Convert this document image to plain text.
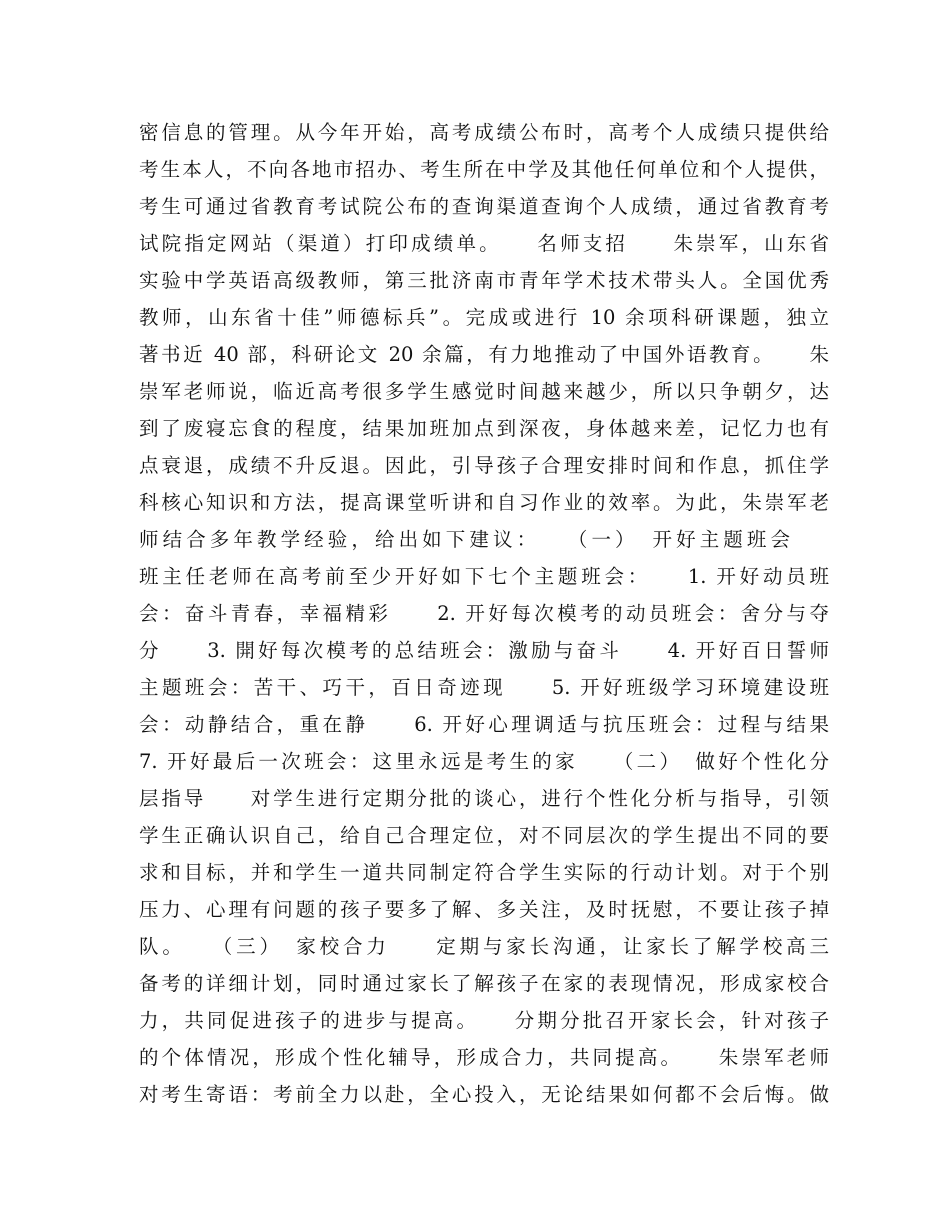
密信息的管理。从今年开始，高考成绩公布时，高考个人成绩只提供给
考生本人，不向各地市招办、考生所在中学及其他任何单位和个人提供，
考生可通过省教育考试院公布的查询渠道查询个人成绩，通过省教育考
试院指定网站（渠道）打印成绩单。　　名师支招　　朱崇军，山东省
实验中学英语高级教师，第三批济南市青年学术技术带头人。全国优秀
教师，山东省十佳”师德标兵”。完成或进行 10 余项科研课题，独立
著书近 40 部，科研论文 20 余篇，有力地推动了中国外语教育。　　朱
崇军老师说，临近高考很多学生感觉时间越来越少，所以只争朝夕，达
到了废寝忘食的程度，结果加班加点到深夜，身体越来差，记忆力也有
点衰退，成绩不升反退。因此，引导孩子合理安排时间和作息，抓住学
科核心知识和方法，提高课堂听讲和自习作业的效率。为此，朱崇军老
师结合多年教学经验，给出如下建议：　　（一）　开好主题班会　　
班主任老师在高考前至少开好如下七个主题班会：　　1. 开好动员班
会：奋斗青春，幸福精彩　　2. 开好每次模考的动员班会：舍分与夺
分　　3. 開好每次模考的总结班会：激励与奋斗　　4. 开好百日誓师
主题班会：苦干、巧干，百日奇迹现　　5. 开好班级学习环境建设班
会：动静结合，重在静　　6. 开好心理调适与抗压班会：过程与结果
7. 开好最后一次班会：这里永远是考生的家　　（二）　做好个性化分
层指导　　对学生进行定期分批的谈心，进行个性化分析与指导，引领
学生正确认识自己，给自己合理定位，对不同层次的学生提出不同的要
求和目标，并和学生一道共同制定符合学生实际的行动计划。对于个别
压力、心理有问题的孩子要多了解、多关注，及时抚慰，不要让孩子掉
队。　　（三）　家校合力　　定期与家长沟通，让家长了解学校高三
备考的详细计划，同时通过家长了解孩子在家的表现情况，形成家校合
力，共同促进孩子的进步与提高。　　分期分批召开家长会，针对孩子
的个体情况，形成个性化辅导，形成合力，共同提高。　　朱崇军老师
对考生寄语：考前全力以赴，全心投入，无论结果如何都不会后悔。做
